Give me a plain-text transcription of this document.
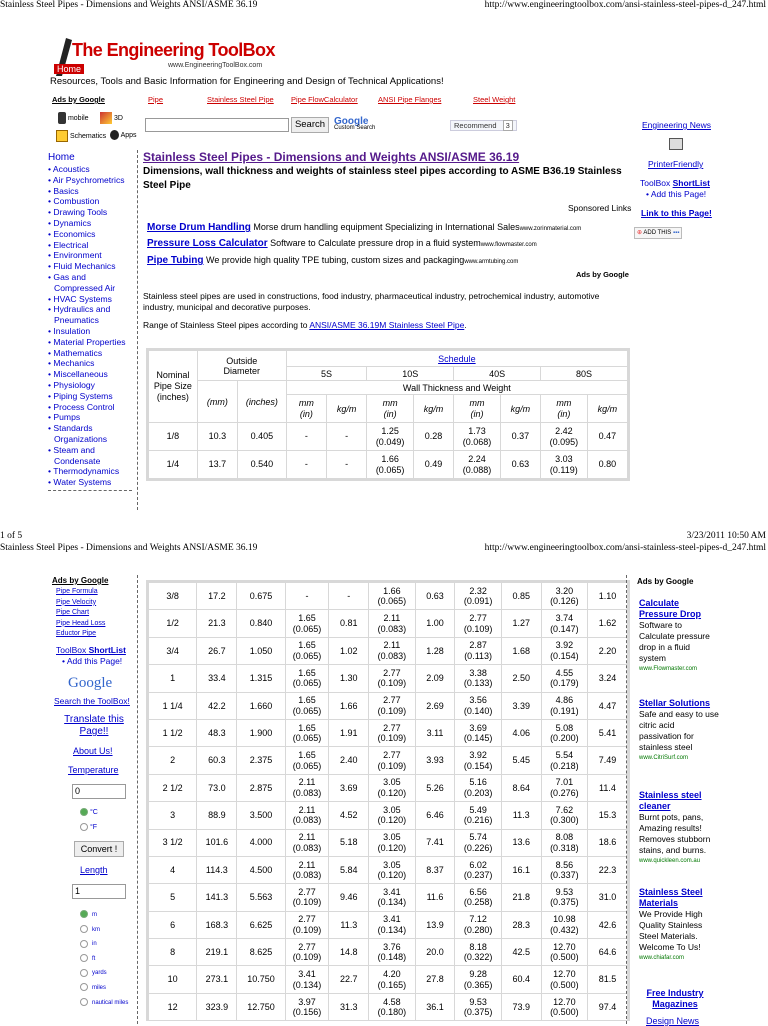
Stainless Steel Pipes - Dimensions and Weights ANSI/ASME 36.19	http://www.engineeringtoolbox.com/ansi-stainless-steel-pipes-d_247.html
The Engineering ToolBox
Home	www.EngineeringToolBox.com
Resources, Tools and Basic Information for Engineering and Design of Technical Applications!
Ads by Google	Pipe	Stainless Steel Pipe Pipe FlowCalculator	ANSI Pipe Flanges	Steel Weight
mobile	3D
Schematics	Apps
Search Google
Custom Search	Recommend 3	Engineering News
PrinterFriendly
ToolBox ShortList
• Add this Page!
Link to this Page!
⊕ ADD THIS ▪▪▪
Home
• Acoustics
• Air Psychrometrics
• Basics
• Combustion
• Drawing Tools
• Dynamics
• Economics
• Electrical
• Environment
• Fluid Mechanics
• Gas and Compressed Air
• HVAC Systems
• Hydraulics and Pneumatics
• Insulation
• Material Properties
• Mathematics
• Mechanics
• Miscellaneous
• Physiology
• Piping Systems
• Process Control
• Pumps
• Standards Organizations
• Steam and Condensate
• Thermodynamics
• Water Systems
Stainless Steel Pipes - Dimensions and Weights ANSI/ASME 36.19
Dimensions, wall thickness and weights of stainless steel pipes according to ASME B36.19 Stainless Steel Pipe
Sponsored Links
Morse Drum Handling Morse drum handling equipment Specializing in International Saleswww.zorinmaterial.com
Pressure Loss Calculator Software to Calculate pressure drop in a fluid systemwww.flowmaster.com
Pipe Tubing We provide high quality TPE tubing, custom sizes and packagingwww.armtubing.com
Ads by Google
Stainless steel pipes are used in constructions, food industry, pharmaceutical industry, petrochemical industry, automotive industry, municipal and decorative purposes.
Range of Stainless Steel pipes according to ANSI/ASME 36.19M Stainless Steel Pipe.
Nominal Pipe Size (inches)	Outside Diameter		Schedule							
			5S		10S		40S		80S	
	(mm)	(inches)	Wall Thickness and Weight							
			mm (in)	kg/m	mm (in)	kg/m	mm (in)	kg/m	mm (in)	kg/m
1/8	10.3	0.405	-	-	1.25 (0.049)	0.28	1.73 (0.068)	0.37	2.42 (0.095)	0.47
1/4	13.7	0.540	-	-	1.66 (0.065)	0.49	2.24 (0.088)	0.63	3.03 (0.119)	0.80
1 of 5	3/23/2011 10:50 AM
Stainless Steel Pipes - Dimensions and Weights ANSI/ASME 36.19	http://www.engineeringtoolbox.com/ansi-stainless-steel-pipes-d_247.html
Ads by Google
Pipe Formula
Pipe Velocity
Pipe Chart
Pipe Head Loss
Eductor Pipe
ToolBox ShortList
• Add this Page!
Google
Search the ToolBox!
Translate this Page!!
About Us!
Temperature
0
°C
°F
Convert !
Length
1
m
km
in
ft
yards
miles
nautical miles
3/8	17.2	0.675	-	-	1.66 (0.065)	0.63	2.32 (0.091)	0.85	3.20 (0.126)	1.10
1/2	21.3	0.840	1.65 (0.065)	0.81	2.11 (0.083)	1.00	2.77 (0.109)	1.27	3.74 (0.147)	1.62
3/4	26.7	1.050	1.65 (0.065)	1.02	2.11 (0.083)	1.28	2.87 (0.113)	1.68	3.92 (0.154)	2.20
1	33.4	1.315	1.65 (0.065)	1.30	2.77 (0.109)	2.09	3.38 (0.133)	2.50	4.55 (0.179)	3.24
1 1/4	42.2	1.660	1.65 (0.065)	1.66	2.77 (0.109)	2.69	3.56 (0.140)	3.39	4.86 (0.191)	4.47
1 1/2	48.3	1.900	1.65 (0.065)	1.91	2.77 (0.109)	3.11	3.69 (0.145)	4.06	5.08 (0.200)	5.41
2	60.3	2.375	1.65 (0.065)	2.40	2.77 (0.109)	3.93	3.92 (0.154)	5.45	5.54 (0.218)	7.49
2 1/2	73.0	2.875	2.11 (0.083)	3.69	3.05 (0.120)	5.26	5.16 (0.203)	8.64	7.01 (0.276)	11.4
3	88.9	3.500	2.11 (0.083)	4.52	3.05 (0.120)	6.46	5.49 (0.216)	11.3	7.62 (0.300)	15.3
3 1/2	101.6	4.000	2.11 (0.083)	5.18	3.05 (0.120)	7.41	5.74 (0.226)	13.6	8.08 (0.318)	18.6
4	114.3	4.500	2.11 (0.083)	5.84	3.05 (0.120)	8.37	6.02 (0.237)	16.1	8.56 (0.337)	22.3
5	141.3	5.563	2.77 (0.109)	9.46	3.41 (0.134)	11.6	6.56 (0.258)	21.8	9.53 (0.375)	31.0
6	168.3	6.625	2.77 (0.109)	11.3	3.41 (0.134)	13.9	7.12 (0.280)	28.3	10.98 (0.432)	42.6
8	219.1	8.625	2.77 (0.109)	14.8	3.76 (0.148)	20.0	8.18 (0.322)	42.5	12.70 (0.500)	64.6
10	273.1	10.750	3.41 (0.134)	22.7	4.20 (0.165)	27.8	9.28 (0.365)	60.4	12.70 (0.500)	81.5
12	323.9	12.750	3.97 (0.156)	31.3	4.58 (0.180)	36.1	9.53 (0.375)	73.9	12.70 (0.500)	97.4
Ads by Google
Calculate Pressure Drop
Software to Calculate pressure drop in a fluid system
www.Flowmaster.com
Stellar Solutions
Safe and easy to use citric acid passivation for stainless steel
www.CitriSurf.com
Stainless steel cleaner
Burnt pots, pans, Amazing results! Removes stubborn stains, and burns.
www.quickleen.com.au
Stainless Steel Materials
We Provide High Quality Stainless Steel Materials. Welcome To Us!
www.chiafar.com
Free Industry Magazines
Design News
